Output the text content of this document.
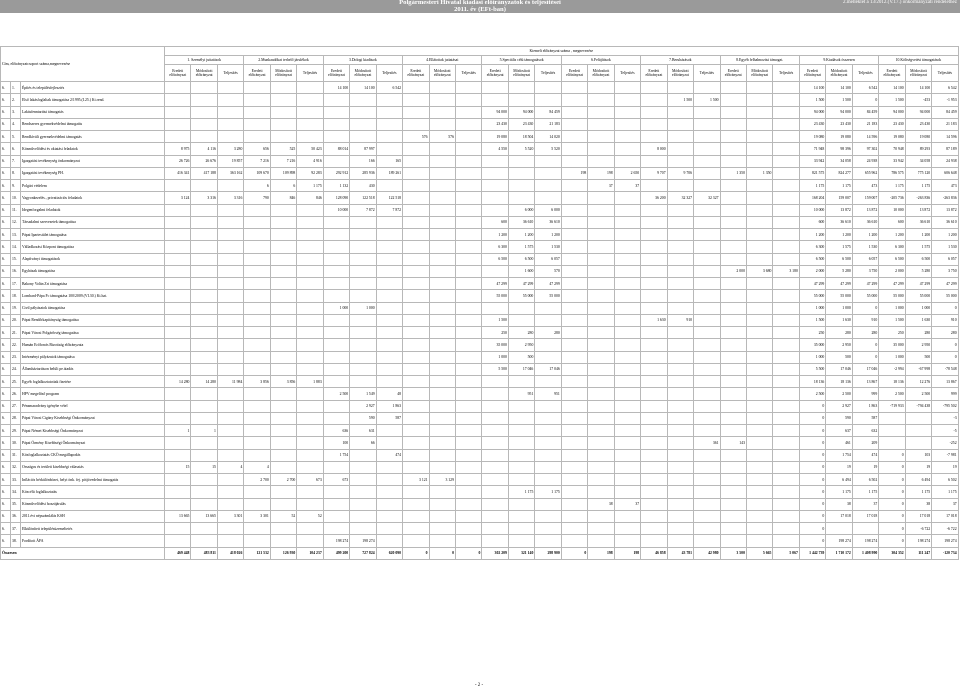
Polgármesteri Hivatal kiadási előirányzatok és teljesítései
2011. év (EFt-ban)
2.melléklet a 13/2012.(V.17.) önkormányzati rendelethez
Cím, előirányzatcsoport száma,megnevezése			Kiemelt előirányzat száma , megnevezése																													
			1. Személyi juttatások			2.Munkaadókat terhelő járulékok			3.Dologi kiadások			4.Ellátottak juttatásai			5.Speciális célú támogatások			6.Felújítások			7.Beruházások			8.Egyéb felhalmozási támogat.			9.Kiadások összesen			10.Költségvetési támogatások		
			Eredeti előirányzat	Módosított előirányzat	Teljesítés	Eredeti előirányzat	Módosított előirányzat	Teljesítés	Eredeti előirányzat	Módosított előirányzat	Teljesítés	Eredeti előirányzat	Módosított előirányzat	Teljesítés	Eredeti előirányzat	Módosított előirányzat	Teljesítés	Eredeti előirányzat	Módosított előirányzat	Teljesítés	Eredeti előirányzat	Módosított előirányzat	Teljesítés	Eredeti előirányzat	Módosított előirányzat	Teljesítés	Eredeti előirányzat	Módosított előirányzat	Teljesítés	Eredeti előirányzat	Módosított előirányzat	Teljesítés
6.	1.	Építés és településfejlesztés							14 100	14 100	6 542																14 100	14 100	6 542	14 100	14 100	6 542
6.	2.	Első lakásfoglaltak támogatása 2/1995.(I.25.) Kt.rend.																				1 500	1 500				1 500	1 500	0	1 500	-453	-1 953
6.	3.	Lakásfenntartási támogatás													94 000	94 000	84 459										94 000	94 000	84 459	94 000	94 000	84 459
6.	4.	Rendszeres gyermekvédelmi támogatás													23 430	23 430	21 183										23 430	23 430	21 183	23 430	23 430	21 183
6.	5.	Rendkívüli gyermekvédelmi támogatás										576	576		19 080	18 504	14 020										19 080	19 080	14 596	19 080	19 080	14 596
6.	6.	Közművelődési és oktatási feladatok	8 975	4 116	3 280	656	525	50 423	88 014	87 997					4 550	5 520	5 520				8 000						71 948	98 396	97 302	70 948	89 293	87 189
6.	7.	Igazgatási tevékenység önkormányzat	26 726	26 676	19 857	7 216	7 216	4 916		166	165																33 942	34 058	24 938	33 942	34 058	24 938
6.	8.	Igazgatási tevékenység PH.	416 341	417 188	363 162	109 670	109 898	92 283	292 912	285 936	189 261							198	198	2 650	9 707	9 706		1 350	1 350		821 575	824 277	655 962	786 575	775 120	606 648
6.	9.	Polgári védelem				6	6	1 175	1 132	430									37	37							1 175	1 175	473	1 175	1 175	473
6.	10.	Vagyonkezelés., privatizációs feladatok	3 124	3 316	3 316	790	846	846	128 090	122 518	122 518										36 200	32 327	32 327				168 204	159 007	159 007	-205 736	-263 836	-263 836
6.	11.	Idegenforgalmi feladatok							10 000	7 872	7 872					6 000	6 000										10 000	13 872	13 872	10 000	13 872	13 872
6.	12.	Társadalmi szervezetek támogatása													600	36 610	36 610										600	36 610	36 610	600	36 610	36 610
6.	13.	Pápai Ipartestület támogatása													1 200	1 200	1 200										1 200	1 200	1 200	1 200	1 200	1 200
6.	14.	Válladkozási Központ támogatása													6 300	1 575	1 530										6 300	1 575	1 530	6 300	1 575	1 530
6.	15.	Alapítványi támogatások													6 500	6 500	6 057										6 500	6 500	6 057	6 500	6 500	6 057
6.	16.	Egyházak támogatása														1 600	570							2 000	3 680	3 180	2 000	5 280	3 750	2 000	5 280	3 750
6.	17.	Bakony Volán Zrt támogatása													47 299	47 299	47 299										47 299	47 299	47 299	47 299	47 299	47 299
6.	18.	Lombard-Pápa Fc támogatása 100/2009.(VI.30.) Kt.hat.													55 000	55 000	55 000										55 000	55 000	55 000	55 000	55 000	55 000
6.	19.	Civil pályázatok támogatása							1 000	1 000																	1 000	1 000	0	1 000	1 000	0
6.	20.	Pápai Rendőrkapitányság támogatása													1 500						1 630	910					1 500	1 630	910	1 500	1 630	910
6.	21.	Pápai Városi Polgárőrség támogatása													250	280	280										250	280	280	250	280	280
6.	22.	Humán Erőforrás Bizottság előirányzata													35 000	2 950											35 000	2 950	0	35 000	2 950	0
6.	23.	Intézményi pályázatok támogatása													1 000	500											1 000	500	0	1 000	500	0
6.	24.	Államháztartáson belüli pe.átadás													5 500	17 046	17 046										5 500	17 046	17 046	-2 994	-67 998	-78 548
6.	25.	Egyéb foglalkoztatottak fizetése	14 280	14 280	11 984	3 856	3 856	1 883																			18 136	18 136	13 867	18 136	12 276	13 867
6.	26.	HPV megelőző program							2 500	1 549	48					951	951										2 500	2 500	999	2 500	2 500	999
6.	27.	Pénzmaradvány igénybe vétel								2 927	1 863																0	2 927	1 863	-719 933	-794 438	-795 502
6.	28.	Pápai Városi Cigány Kisebbségi Önkormányzat								590	587																0	590	587			-3
6.	29.	Pápai Német Kisebbségi Önkormányzat	1	1					636	631																	0	637	632			-5
6.	30.	Pápai Örmény Kisebbségi Önkormányzat							100	66													361	143			0	461	209			-252
6.	31.	Közfoglalkoztatás CKÖ megállapodás							1 754		474																0	1 754	474	0	103	-7 981
6.	32.	Országos és területi kisebbségi választás	15	15	4	4																					0	19	19	0	19	19
6.	33.	Inflációs bérkülönbözet, helyi önk. fej. pótjövedelmi támogatás				2 700	2 700	673	673			3 121	3 129														0	6 494	6 502	0	6 494	6 502
6.	34.	Közcélú foglalkoztatás														1 175	1 175										0	1 175	1 175	0	1 175	1 175
6.	35.	Közművelődési hozzájárulás																	38	37							0	38	37	0	38	37
6.	36.	2011.évi népszámlálás KSH	13 665	13 665	3 301	3 301	52	52																			0	17 018	17 018	0	17 018	17 018
6.	37.	Elkülönített településüzemeltetés																									0			0	-6 722	-6 722
6.	38.	Fordított ÁFA							198 274	198 274																	0	198 274	198 274	0	198 274	198 274
Összesen			469 448	483 811	418 026	121 532	126 930	104 237	499 200	727 824	620 090	0	0	0	302 209	321 140	298 900	0	198	198	46 858	43 781	42 980	3 500	5 665	5 067	1 442 739	1 710 172	1 408 990	304 352	111 247	-120 734
- 2 -
